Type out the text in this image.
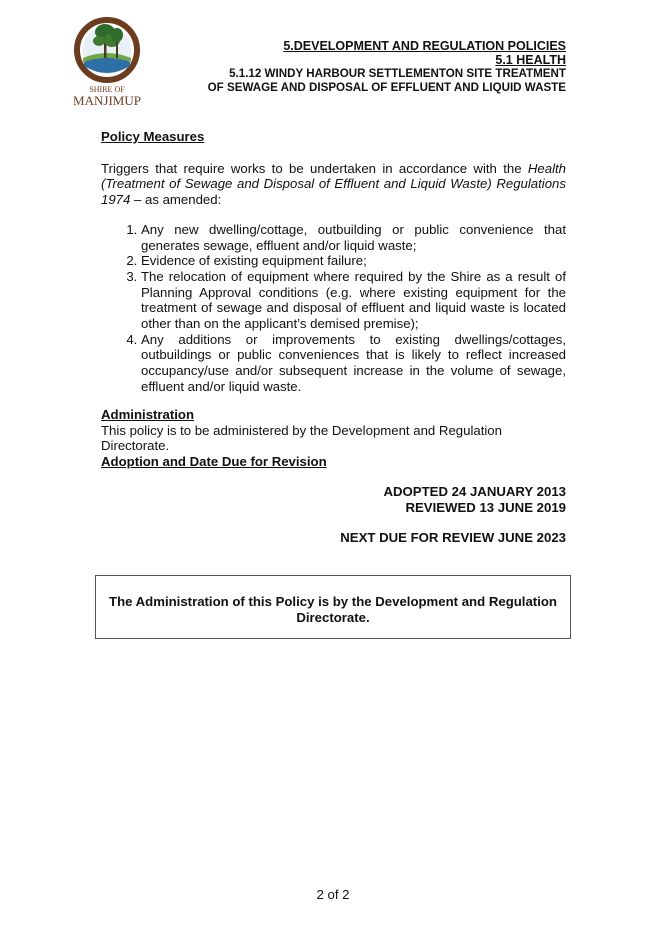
SHIRE OF
MANJIMUP
5.DEVELOPMENT AND REGULATION POLICIES
5.1 HEALTH
5.1.12 WINDY HARBOUR SETTLEMENTON SITE TREATMENT
OF SEWAGE AND DISPOSAL OF EFFLUENT AND LIQUID WASTE
Policy Measures

Triggers that require works to be undertaken in accordance with the Health (Treatment of Sewage and Disposal of Effluent and Liquid Waste) Regulations 1974 – as amended:

1. Any new dwelling/cottage, outbuilding or public convenience that generates sewage, effluent and/or liquid waste;
2. Evidence of existing equipment failure;
3. The relocation of equipment where required by the Shire as a result of Planning Approval conditions (e.g. where existing equipment for the treatment of sewage and disposal of effluent and liquid waste is located other than on the applicant’s demised premise);
4. Any additions or improvements to existing dwellings/cottages, outbuildings or public conveniences that is likely to reflect increased occupancy/use and/or subsequent increase in the volume of sewage, effluent and/or liquid waste.
Administration
This policy is to be administered by the Development and Regulation Directorate.
Adoption and Date Due for Revision
ADOPTED 24 JANUARY 2013
REVIEWED 13 JUNE 2019
NEXT DUE FOR REVIEW JUNE 2023
The Administration of this Policy is by the Development and Regulation Directorate.
2 of 2
